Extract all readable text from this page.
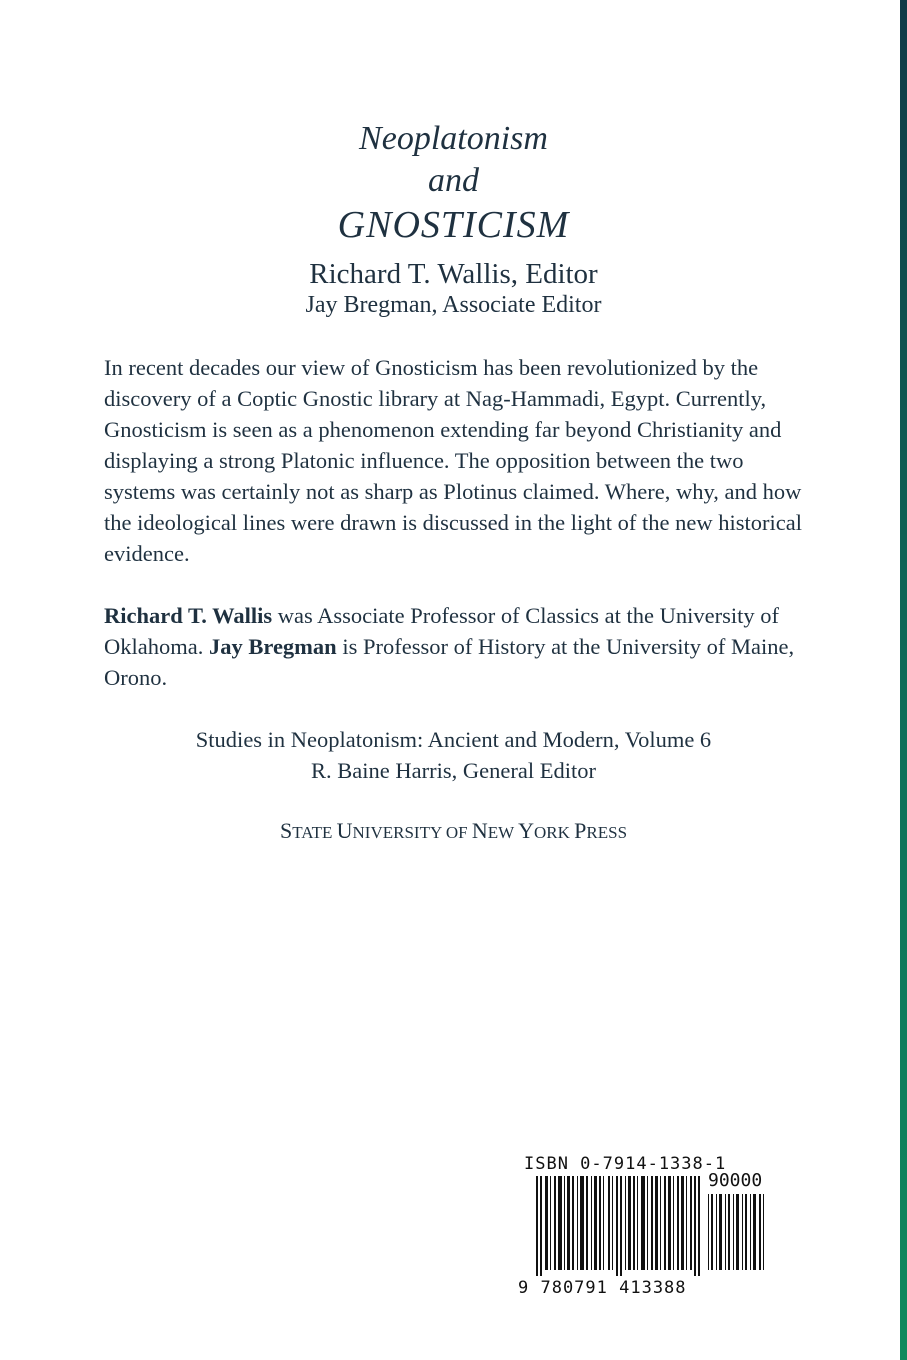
Neoplatonism
and
GNOSTICISM
Richard T. Wallis, Editor
Jay Bregman, Associate Editor
In recent decades our view of Gnosticism has been revolutionized by the discovery of a Coptic Gnostic library at Nag-Hammadi, Egypt. Currently, Gnosticism is seen as a phenomenon extending far beyond Christianity and displaying a strong Platonic influence. The opposition between the two systems was certainly not as sharp as Plotinus claimed. Where, why, and how the ideological lines were drawn is discussed in the light of the new historical evidence.
Richard T. Wallis was Associate Professor of Classics at the University of Oklahoma. Jay Bregman is Professor of History at the University of Maine, Orono.
Studies in Neoplatonism: Ancient and Modern, Volume 6
R. Baine Harris, General Editor
STATE UNIVERSITY OF NEW YORK PRESS
ISBN 0-7914-1338-1
90000
9 780791 413388
